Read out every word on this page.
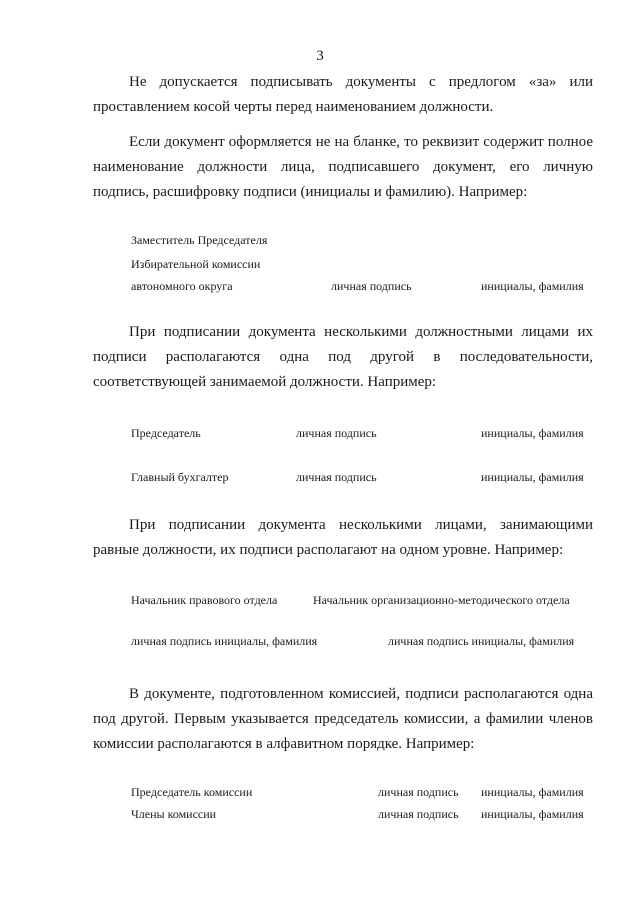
3
Не допускается подписывать документы с предлогом «за» или
проставлением косой черты перед наименованием должности.
Если документ оформляется не на бланке, то реквизит содержит полное
наименование должности лица, подписавшего документ, его личную
подпись, расшифровку подписи (инициалы и фамилию). Например:
Заместитель Председателя
Избирательной комиссии
автономного округа	личная подпись	инициалы, фамилия
При подписании документа несколькими должностными лицами их
подписи располагаются одна под другой в последовательности,
соответствующей занимаемой должности. Например:
Председатель	личная подпись	инициалы, фамилия
Главный бухгалтер	личная подпись	инициалы, фамилия
При подписании документа несколькими лицами, занимающими
равные должности, их подписи располагают на одном уровне. Например:
Начальник правового отдела	Начальник организационно-методического отдела
личная подпись инициалы, фамилия	личная подпись инициалы, фамилия
В документе, подготовленном комиссией, подписи располагаются одна
под другой. Первым указывается председатель комиссии, а фамилии членов
комиссии располагаются в алфавитном порядке. Например:
Председатель комиссии	личная подпись инициалы, фамилия
Члены комиссии	личная подпись инициалы, фамилия
